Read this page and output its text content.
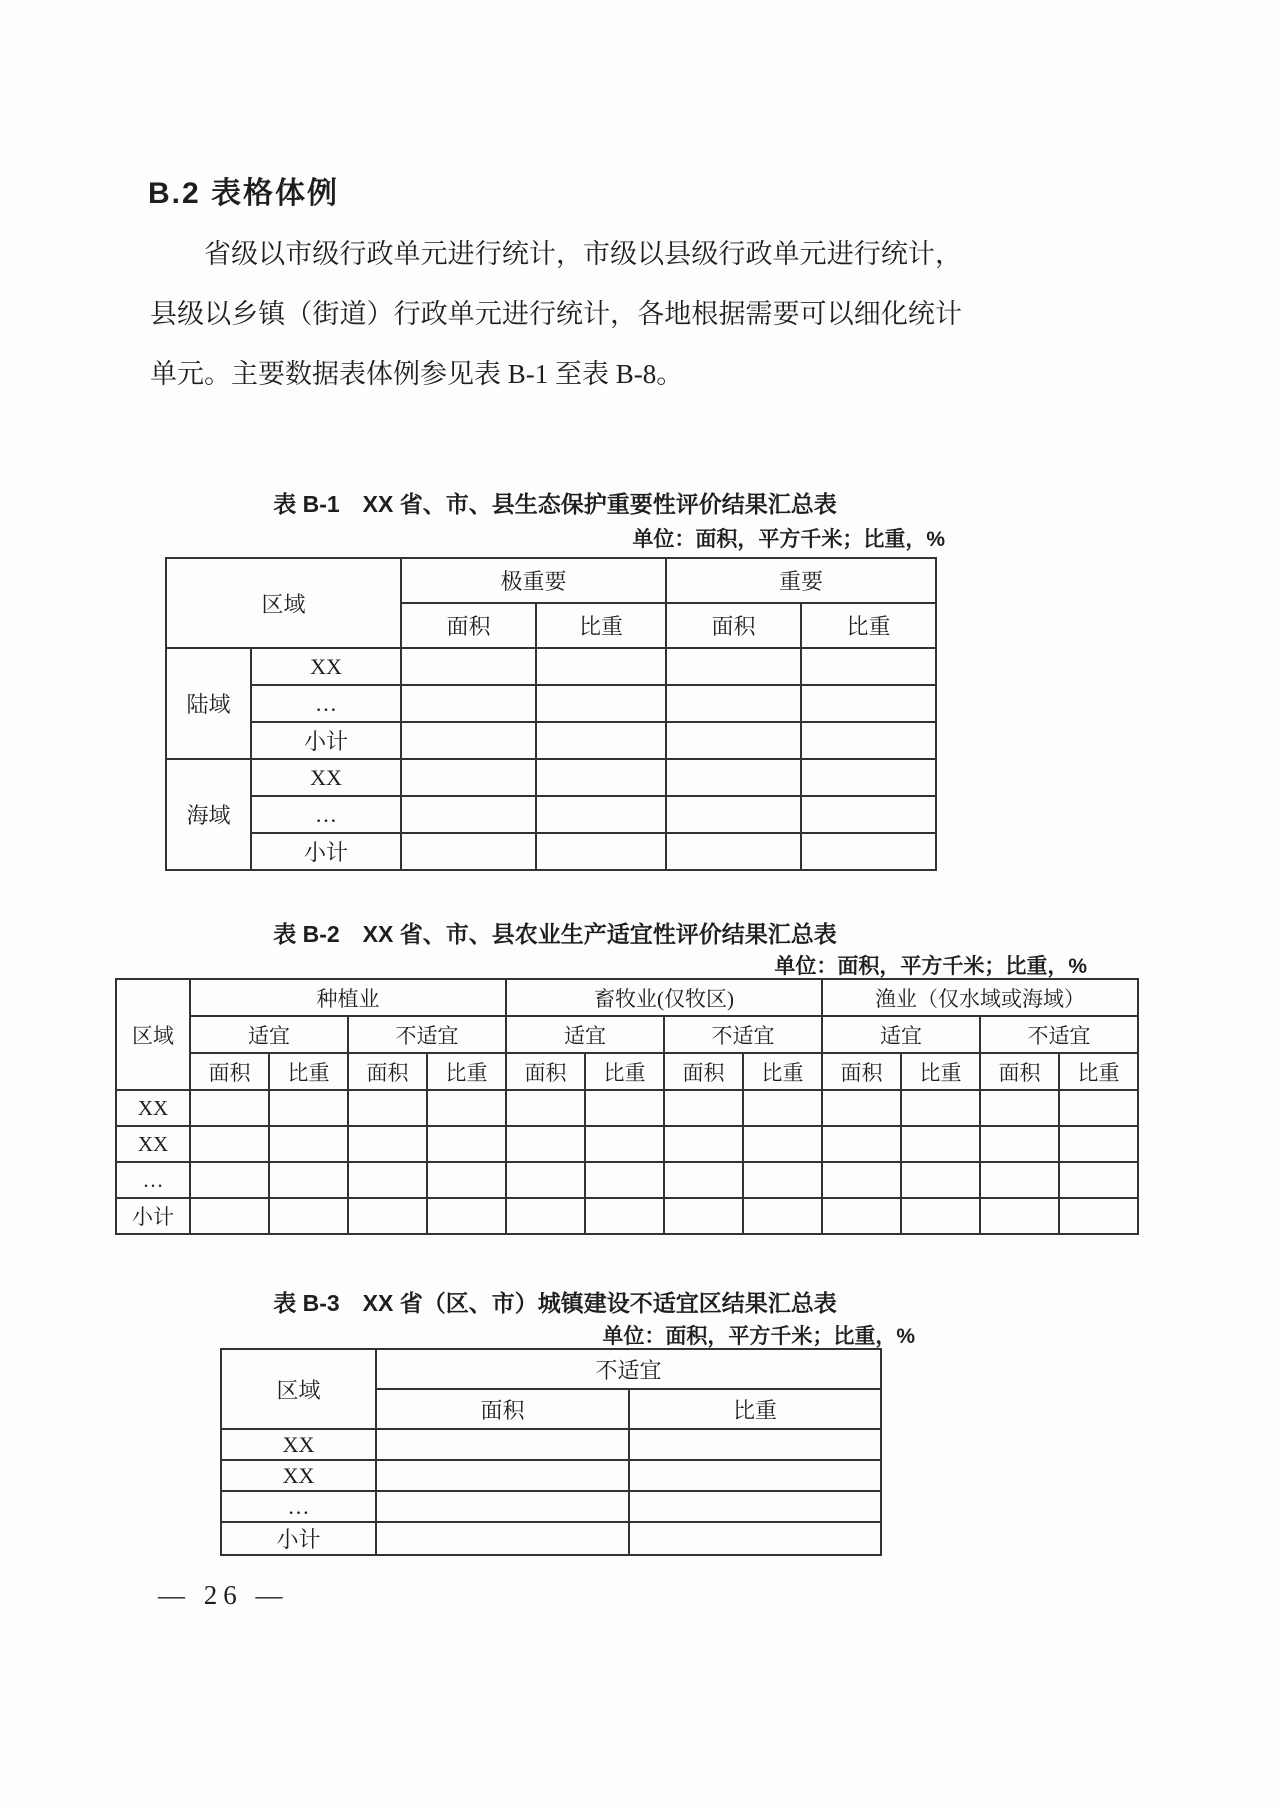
B.2 表格体例
省级以市级行政单元进行统计，市级以县级行政单元进行统计，县级以乡镇（街道）行政单元进行统计，各地根据需要可以细化统计单元。主要数据表体例参见表 B-1 至表 B-8。
表 B-1　XX 省、市、县生态保护重要性评价结果汇总表
单位：面积，平方千米；比重，%
区域		极重要		重要	
		面积	比重	面积	比重
陆域	XX				
	…				
	小计				
海域	XX				
	…				
	小计				
表 B-2　XX 省、市、县农业生产适宜性评价结果汇总表
单位：面积，平方千米；比重，%
区域	种植业				畜牧业(仅牧区)				渔业（仅水域或海域）			
	适宜		不适宜		适宜		不适宜		适宜		不适宜	
	面积	比重	面积	比重	面积	比重	面积	比重	面积	比重	面积	比重
XX												
XX												
…												
小计												
表 B-3　XX 省（区、市）城镇建设不适宜区结果汇总表
单位：面积，平方千米；比重，%
区域	不适宜	
	面积	比重
XX		
XX		
…		
小计		
— 26 —
